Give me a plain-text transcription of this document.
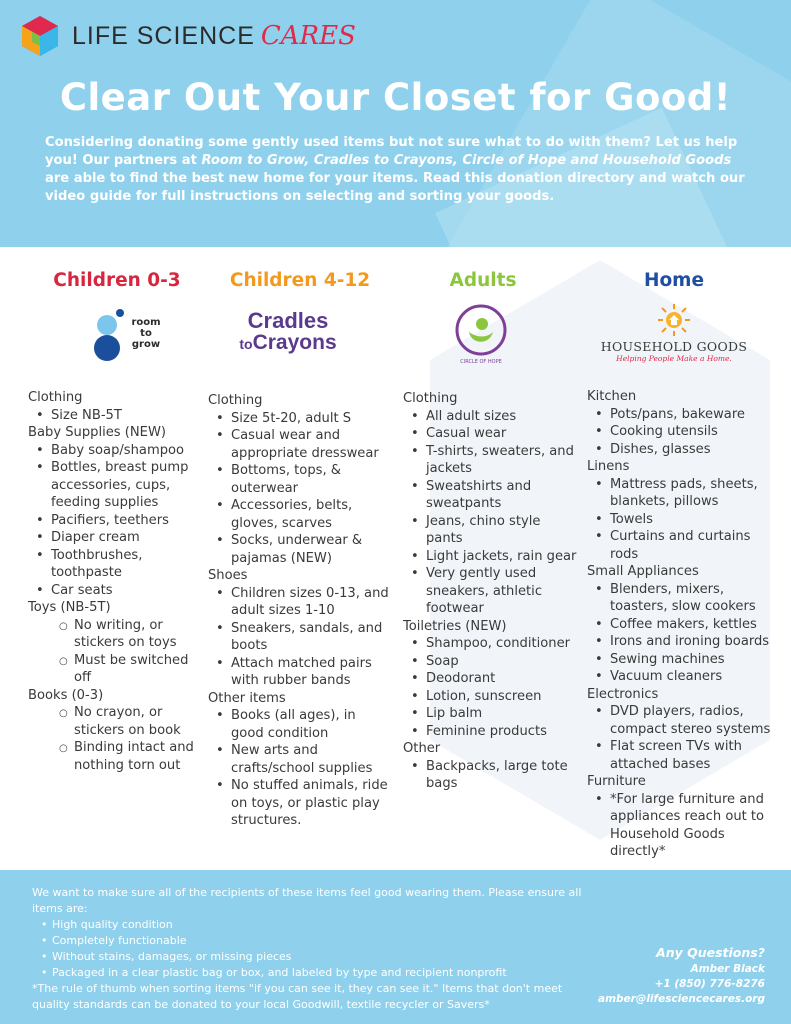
LIFE SCIENCE CARES
Clear Out Your Closet for Good!

Considering donating some gently used items but not sure what to do with them? Let us help you! Our partners at Room to Grow, Cradles to Crayons, Circle of Hope and Household Goods are able to find the best new home for your items. Read this donation directory and watch our video guide for full instructions on selecting and sorting your goods.

Children 0-3
room
to
grow
Clothing
• Size NB-5T
Baby Supplies (NEW)
• Baby soap/shampoo
• Bottles, breast pump accessories, cups, feeding supplies
• Pacifiers, teethers
• Diaper cream
• Toothbrushes, toothpaste
• Car seats
Toys (NB-5T)
○ No writing, or stickers on toys
○ Must be switched off
Books (0-3)
○ No crayon, or stickers on book
○ Binding intact and nothing torn out
Children 4-12
Cradles
toCrayons
Clothing
• Size 5t-20, adult S
• Casual wear and appropriate dresswear
• Bottoms, tops, & outerwear
• Accessories, belts, gloves, scarves
• Socks, underwear & pajamas (NEW)
Shoes
• Children sizes 0-13, and adult sizes 1-10
• Sneakers, sandals, and boots
• Attach matched pairs with rubber bands
Other items
• Books (all ages), in good condition
• New arts and crafts/school supplies
• No stuffed animals, ride on toys, or plastic play structures.
Adults
CIRCLE OF HOPE
Clothing
• All adult sizes
• Casual wear
• T-shirts, sweaters, and jackets
• Sweatshirts and sweatpants
• Jeans, chino style pants
• Light jackets, rain gear
• Very gently used sneakers, athletic footwear
Toiletries (NEW)
• Shampoo, conditioner
• Soap
• Deodorant
• Lotion, sunscreen
• Lip balm
• Feminine products
Other
• Backpacks, large tote bags
Home
HOUSEHOLD GOODS
Helping People Make a Home.
Kitchen
• Pots/pans, bakeware
• Cooking utensils
• Dishes, glasses
Linens
• Mattress pads, sheets, blankets, pillows
• Towels
• Curtains and curtains rods
Small Appliances
• Blenders, mixers, toasters, slow cookers
• Coffee makers, kettles
• Irons and ironing boards
• Sewing machines
• Vacuum cleaners
Electronics
• DVD players, radios, compact stereo systems
• Flat screen TVs with attached bases
Furniture
• *For large furniture and appliances reach out to Household Goods directly*
We want to make sure all of the recipients of these items feel good wearing them. Please ensure all items are:
• High quality condition
• Completely functionable
• Without stains, damages, or missing pieces
• Packaged in a clear plastic bag or box, and labeled by type and recipient nonprofit
*The rule of thumb when sorting items "if you can see it, they can see it." Items that don't meet quality standards can be donated to your local Goodwill, textile recycler or Savers*
Any Questions?
Amber Black
+1 (850) 776-8276
amber@lifesciencecares.org
